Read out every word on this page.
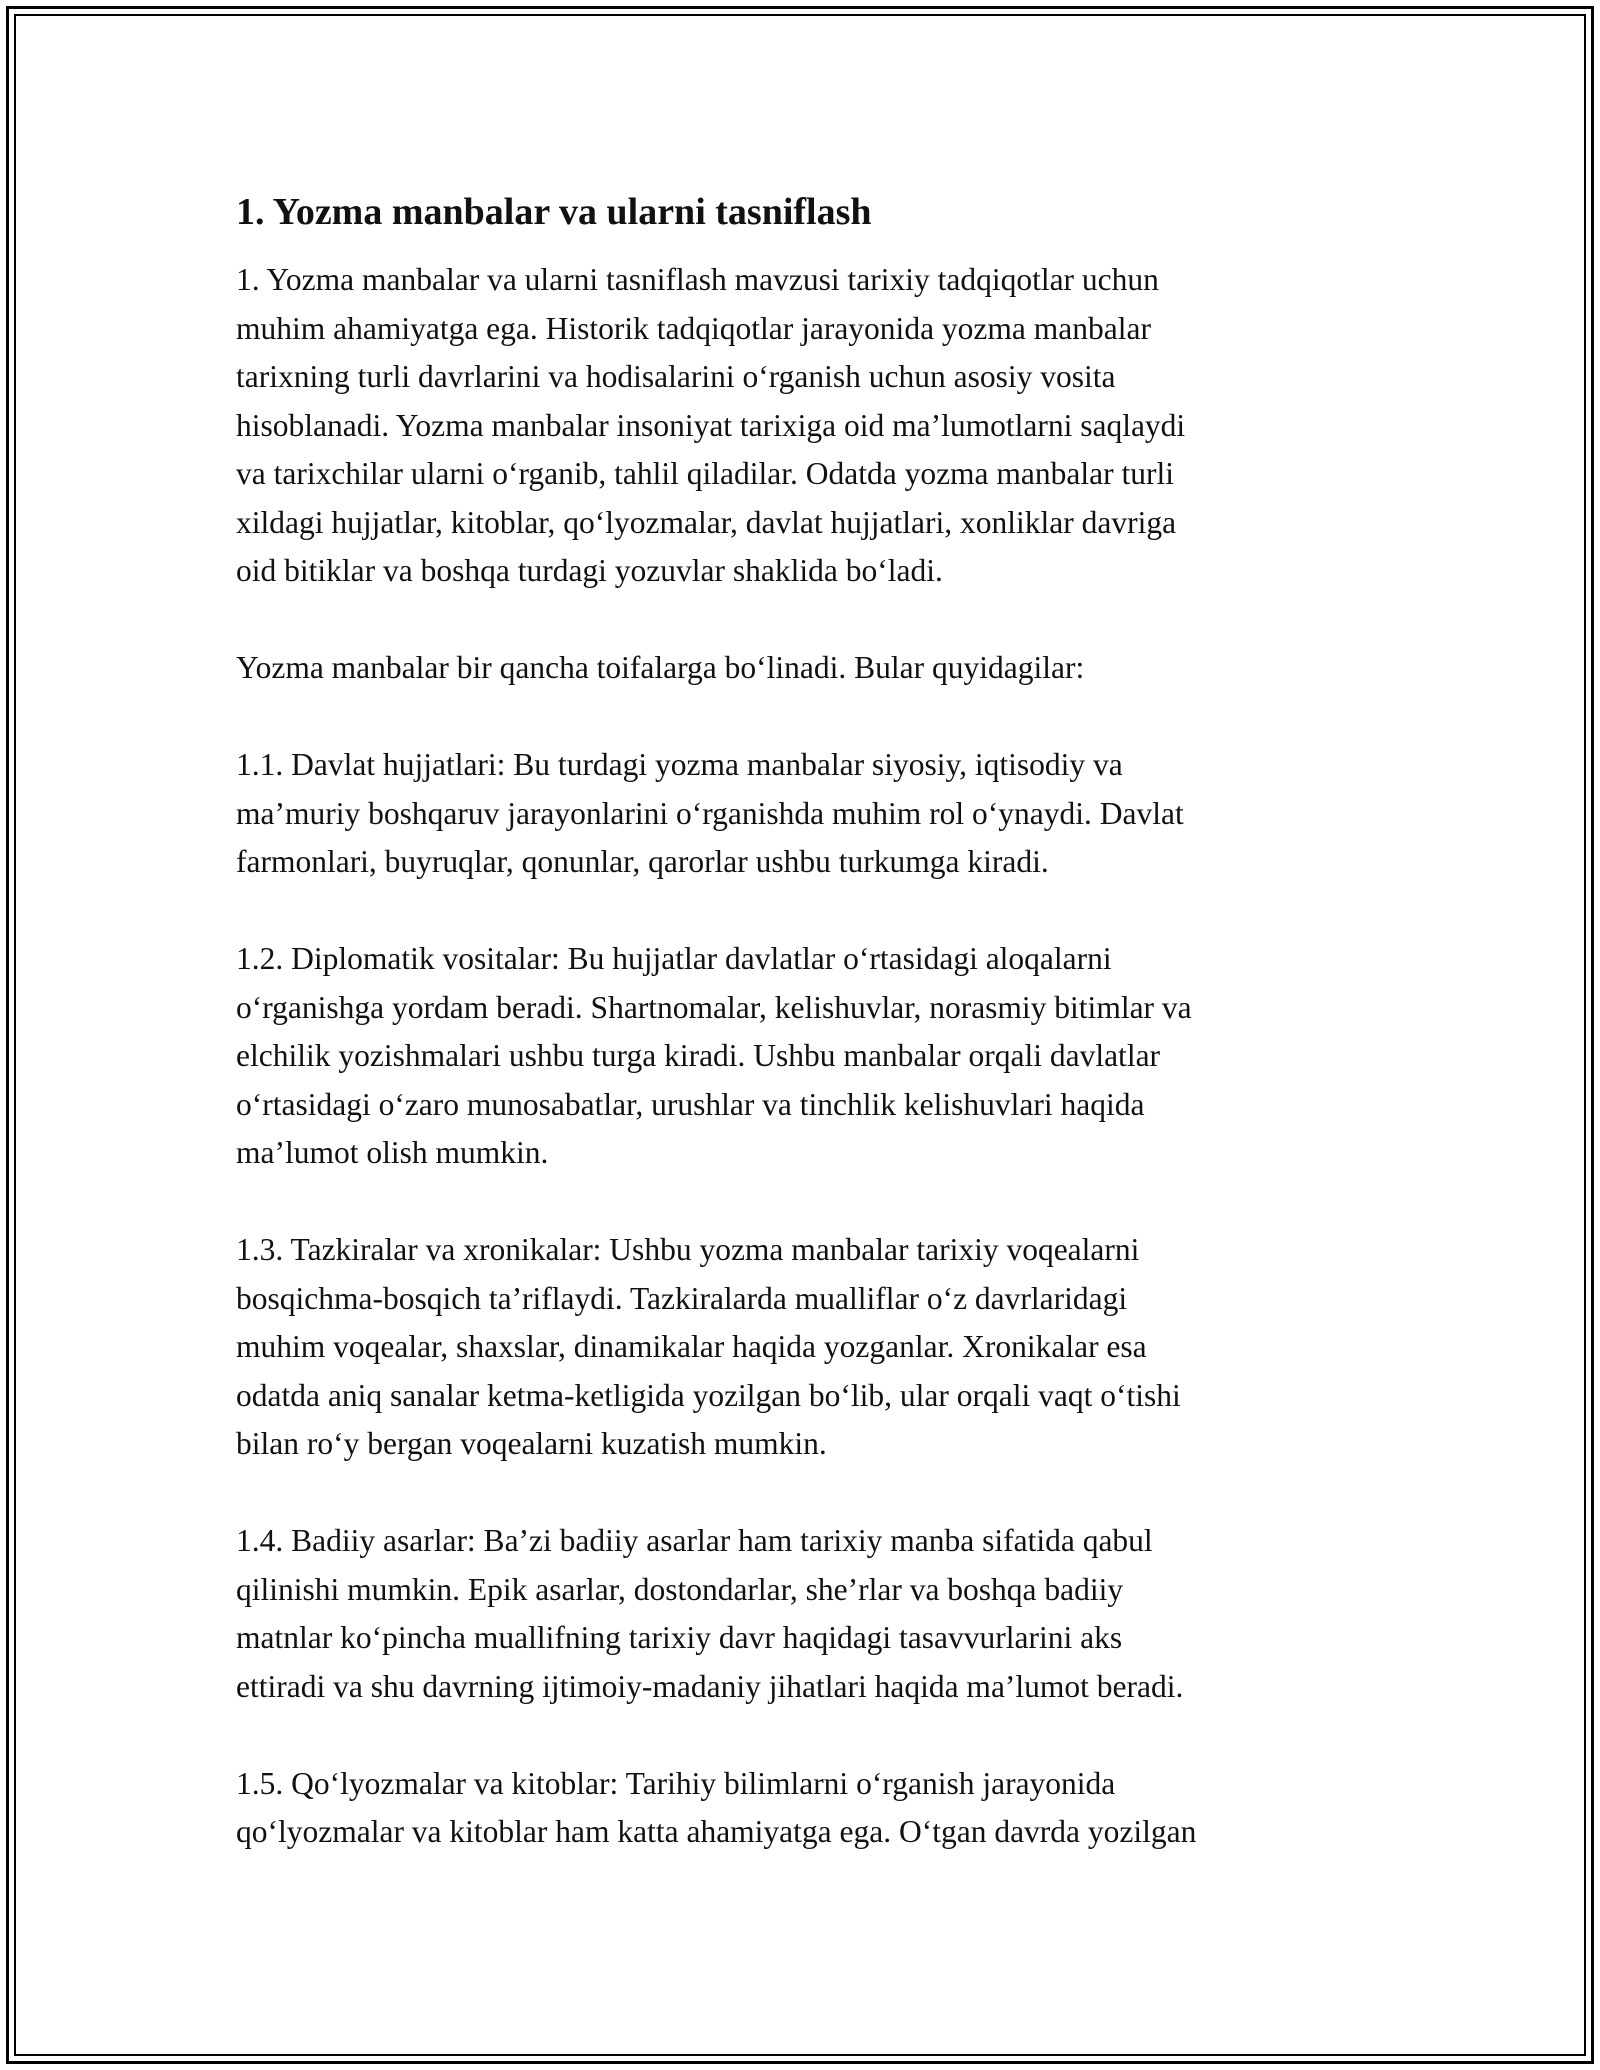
1. Yozma manbalar va ularni tasniflash
1. Yozma manbalar va ularni tasniflash mavzusi tarixiy tadqiqotlar uchun
muhim ahamiyatga ega. Historik tadqiqotlar jarayonida yozma manbalar
tarixning turli davrlarini va hodisalarini o‘rganish uchun asosiy vosita
hisoblanadi. Yozma manbalar insoniyat tarixiga oid ma’lumotlarni saqlaydi
va tarixchilar ularni o‘rganib, tahlil qiladilar. Odatda yozma manbalar turli
xildagi hujjatlar, kitoblar, qo‘lyozmalar, davlat hujjatlari, xonliklar davriga
oid bitiklar va boshqa turdagi yozuvlar shaklida bo‘ladi.
Yozma manbalar bir qancha toifalarga bo‘linadi. Bular quyidagilar:
1.1. Davlat hujjatlari: Bu turdagi yozma manbalar siyosiy, iqtisodiy va
ma’muriy boshqaruv jarayonlarini o‘rganishda muhim rol o‘ynaydi. Davlat
farmonlari, buyruqlar, qonunlar, qarorlar ushbu turkumga kiradi.
1.2. Diplomatik vositalar: Bu hujjatlar davlatlar o‘rtasidagi aloqalarni
o‘rganishga yordam beradi. Shartnomalar, kelishuvlar, norasmiy bitimlar va
elchilik yozishmalari ushbu turga kiradi. Ushbu manbalar orqali davlatlar
o‘rtasidagi o‘zaro munosabatlar, urushlar va tinchlik kelishuvlari haqida
ma’lumot olish mumkin.
1.3. Tazkiralar va xronikalar: Ushbu yozma manbalar tarixiy voqealarni
bosqichma-bosqich ta’riflaydi. Tazkiralarda mualliflar o‘z davrlaridagi
muhim voqealar, shaxslar, dinamikalar haqida yozganlar. Xronikalar esa
odatda aniq sanalar ketma-ketligida yozilgan bo‘lib, ular orqali vaqt o‘tishi
bilan ro‘y bergan voqealarni kuzatish mumkin.
1.4. Badiiy asarlar: Ba’zi badiiy asarlar ham tarixiy manba sifatida qabul
qilinishi mumkin. Epik asarlar, dostondarlar, she’rlar va boshqa badiiy
matnlar ko‘pincha muallifning tarixiy davr haqidagi tasavvurlarini aks
ettiradi va shu davrning ijtimoiy-madaniy jihatlari haqida ma’lumot beradi.
1.5. Qo‘lyozmalar va kitoblar: Tarihiy bilimlarni o‘rganish jarayonida
qo‘lyozmalar va kitoblar ham katta ahamiyatga ega. O‘tgan davrda yozilgan
